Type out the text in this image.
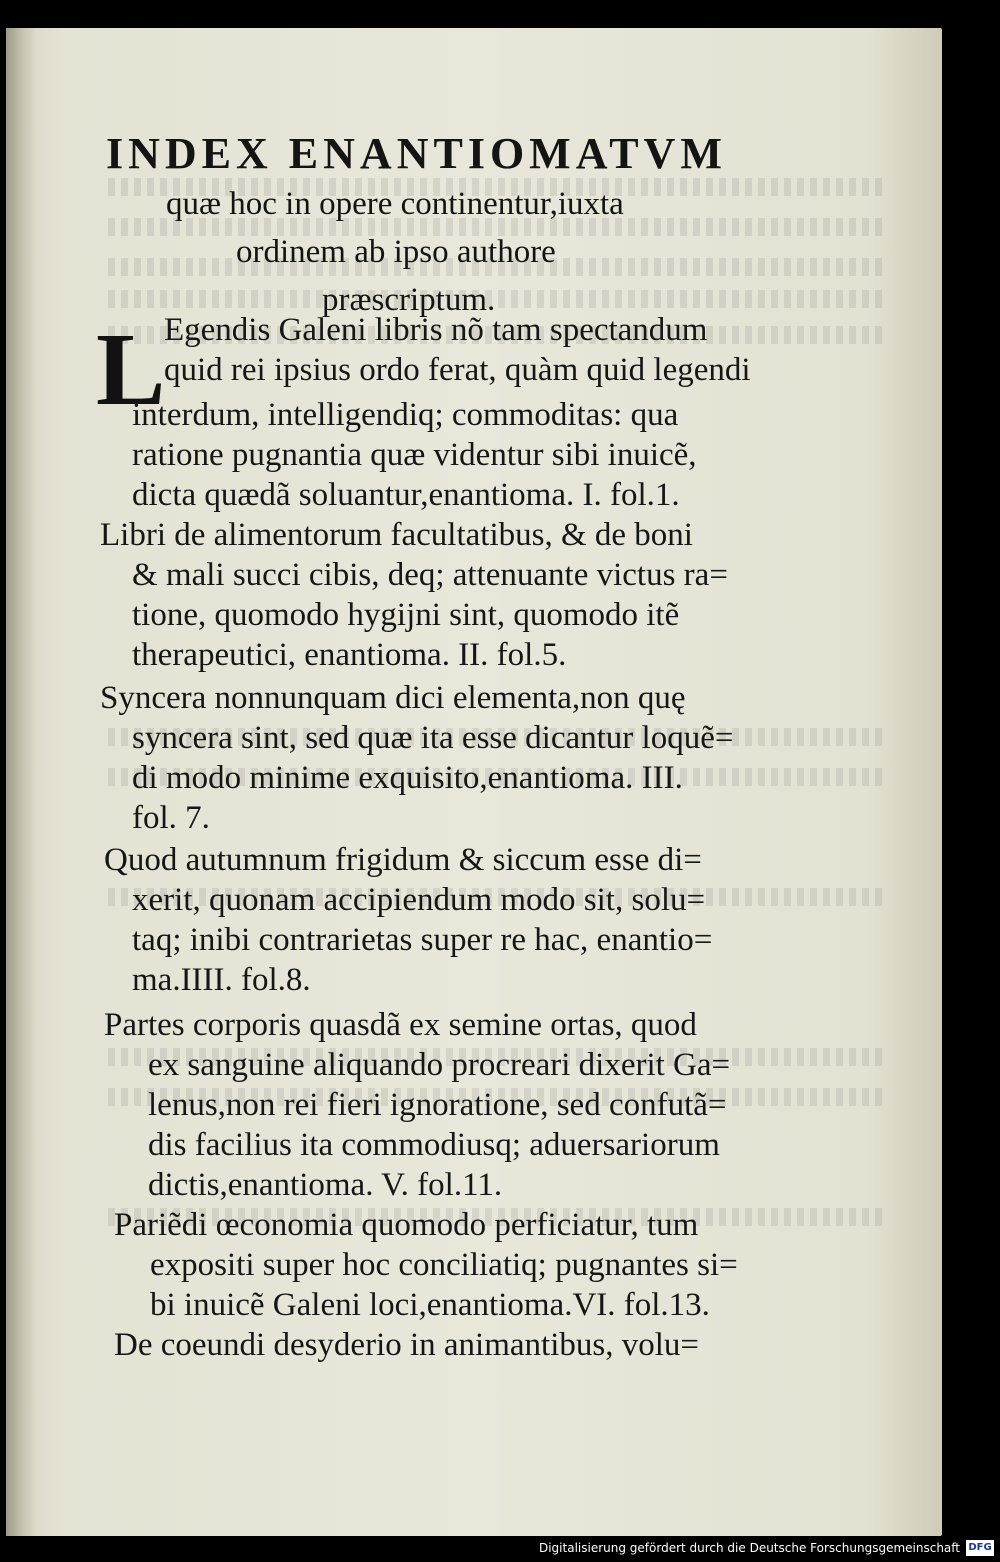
INDEX ENANTIOMATVM
quæ hoc in opere continentur,iuxta
ordinem ab ipso authore
præscriptum.
L
Egendis Galeni libris nõ tam spectandum
quid rei ipsius ordo ferat, quàm quid legendi
interdum, intelligendiq; commoditas: qua
ratione pugnantia quæ videntur sibi inuicẽ,
dicta quædã soluantur,enantioma. I. fol.1.
Libri de alimentorum facultatibus, & de boni
& mali succi cibis, deq; attenuante victus ra=
tione, quomodo hygijni sint, quomodo itẽ
therapeutici, enantioma. II. fol.5.
Syncera nonnunquam dici elementa,non quę
syncera sint, sed quæ ita esse dicantur loquẽ=
di modo minime exquisito,enantioma. III.
fol. 7.
Quod autumnum frigidum & siccum esse di=
xerit, quonam accipiendum modo sit, solu=
taq; inibi contrarietas super re hac, enantio=
ma.IIII. fol.8.
Partes corporis quasdã ex semine ortas, quod
ex sanguine aliquando procreari dixerit Ga=
lenus,non rei fieri ignoratione, sed confutã=
dis facilius ita commodiusq; aduersariorum
dictis,enantioma. V. fol.11.
Pariẽdi œconomia quomodo perficiatur, tum
expositi super hoc conciliatiq; pugnantes si=
bi inuicẽ Galeni loci,enantioma.VI. fol.13.
De coeundi desyderio in animantibus, volu=
Digitalisierung gefördert durch die Deutsche Forschungsgemeinschaft DFG
